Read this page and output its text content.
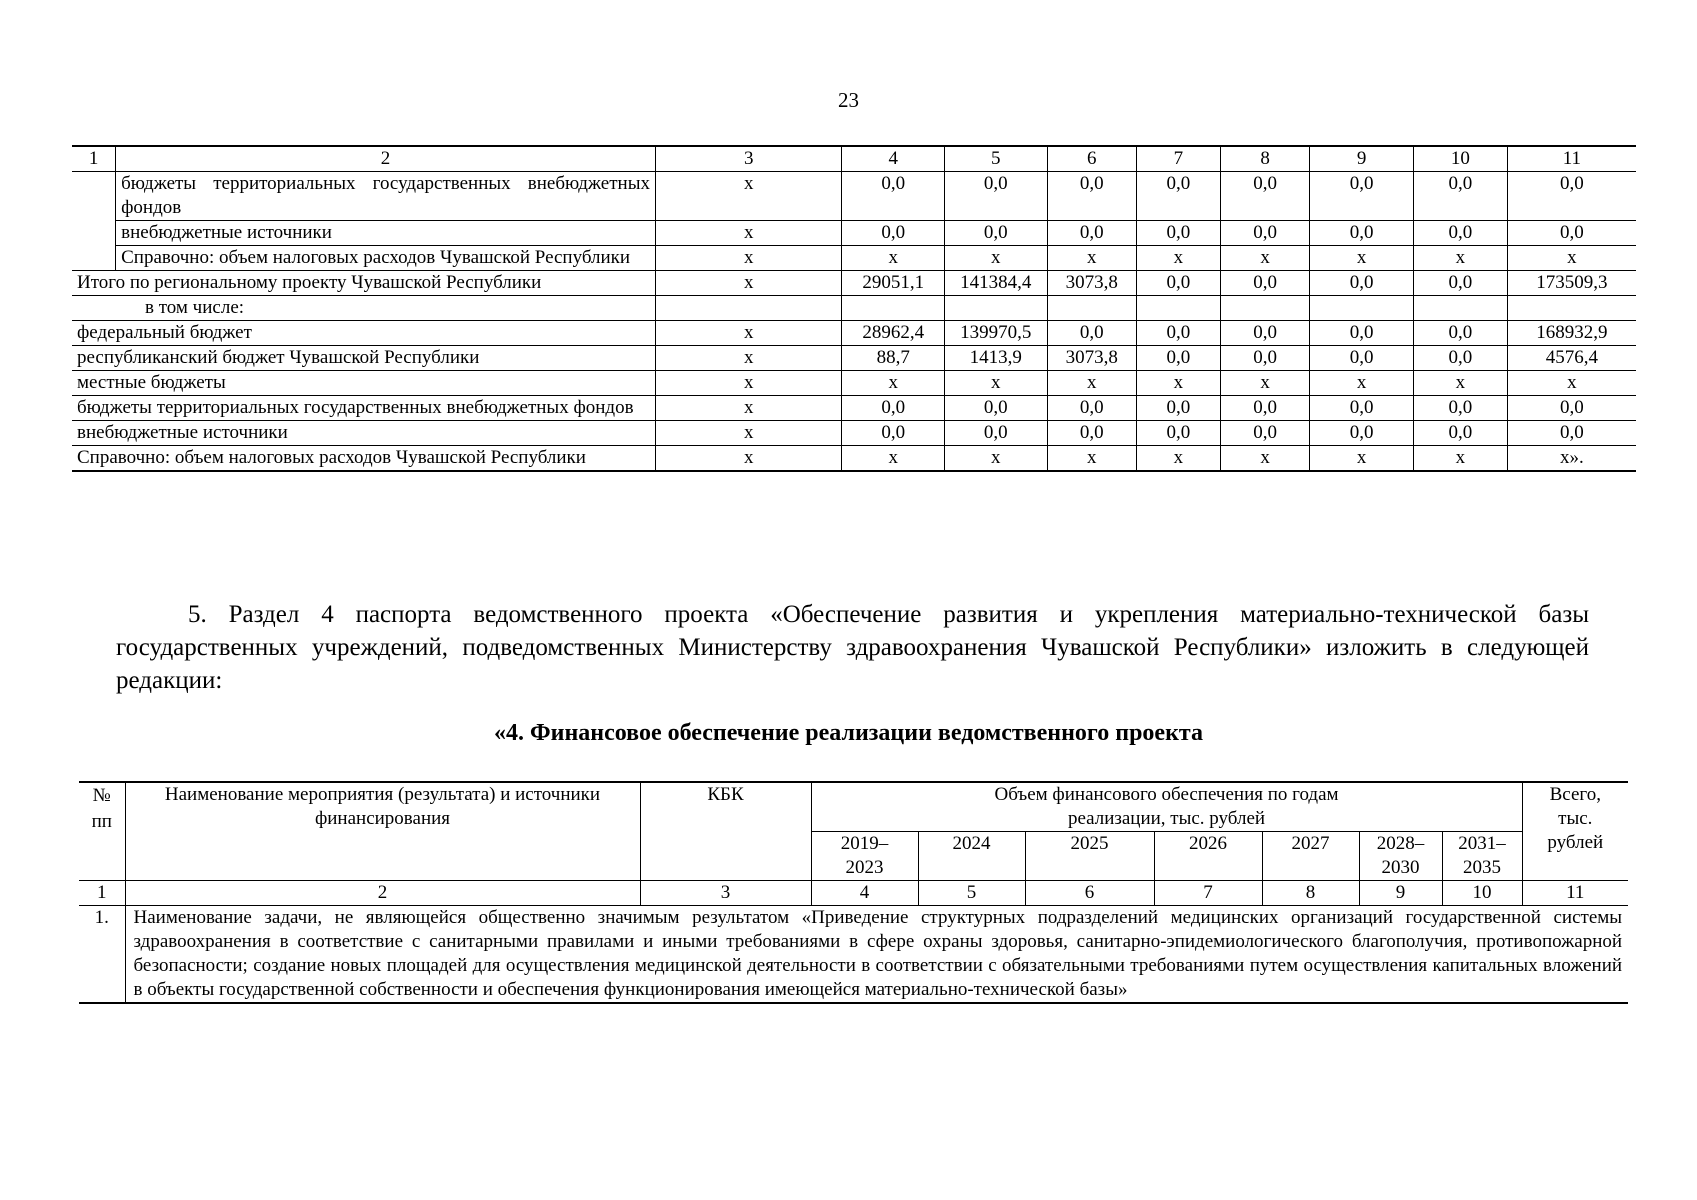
23
1	2	3	4	5	6	7	8	9	10	11
	бюджеты территориальных государственных внебюджетных фондов	х	0,0	0,0	0,0	0,0	0,0	0,0	0,0	0,0
	внебюджетные источники	х	0,0	0,0	0,0	0,0	0,0	0,0	0,0	0,0
	Справочно: объем налоговых расходов Чувашской Республики	х	х	х	х	х	х	х	х	х
Итого по региональному проекту Чувашской Республики		х	29051,1	141384,4	3073,8	0,0	0,0	0,0	0,0	173509,3
в том числе:										
федеральный бюджет		х	28962,4	139970,5	0,0	0,0	0,0	0,0	0,0	168932,9
республиканский бюджет Чувашской Республики		х	88,7	1413,9	3073,8	0,0	0,0	0,0	0,0	4576,4
местные бюджеты		х	х	х	х	х	х	х	х	х
бюджеты территориальных государственных внебюджетных фондов		х	0,0	0,0	0,0	0,0	0,0	0,0	0,0	0,0
внебюджетные источники		х	0,0	0,0	0,0	0,0	0,0	0,0	0,0	0,0
Справочно: объем налоговых расходов Чувашской Республики		х	х	х	х	х	х	х	х	х».

5. Раздел 4 паспорта ведомственного проекта «Обеспечение развития и укрепления материально-технической базы государственных учреждений, подведомственных Министерству здравоохранения Чувашской Республики» изложить в следующей редакции:

«4. Финансовое обеспечение реализации ведомственного проекта
№ пп	Наименование мероприятия (результата) и источники финансирования	КБК	Объем финансового обеспечения по годам реализации, тыс. рублей							Всего, тыс. рублей
			2019–2023	2024	2025	2026	2027	2028–2030	2031–2035	
1	2	3	4	5	6	7	8	9	10	11
1.	Наименование задачи, не являющейся общественно значимым результатом «Приведение структурных подразделений медицинских организаций государственной системы здравоохранения в соответствие с санитарными правилами и иными требованиями в сфере охраны здоровья, санитарно-эпидемиологического благополучия, противопожарной безопасности; создание новых площадей для осуществления медицинской деятельности в соответствии с обязательными требованиями путем осуществления капитальных вложений в объекты государственной собственности и обеспечения функционирования имеющейся материально-технической базы»									
